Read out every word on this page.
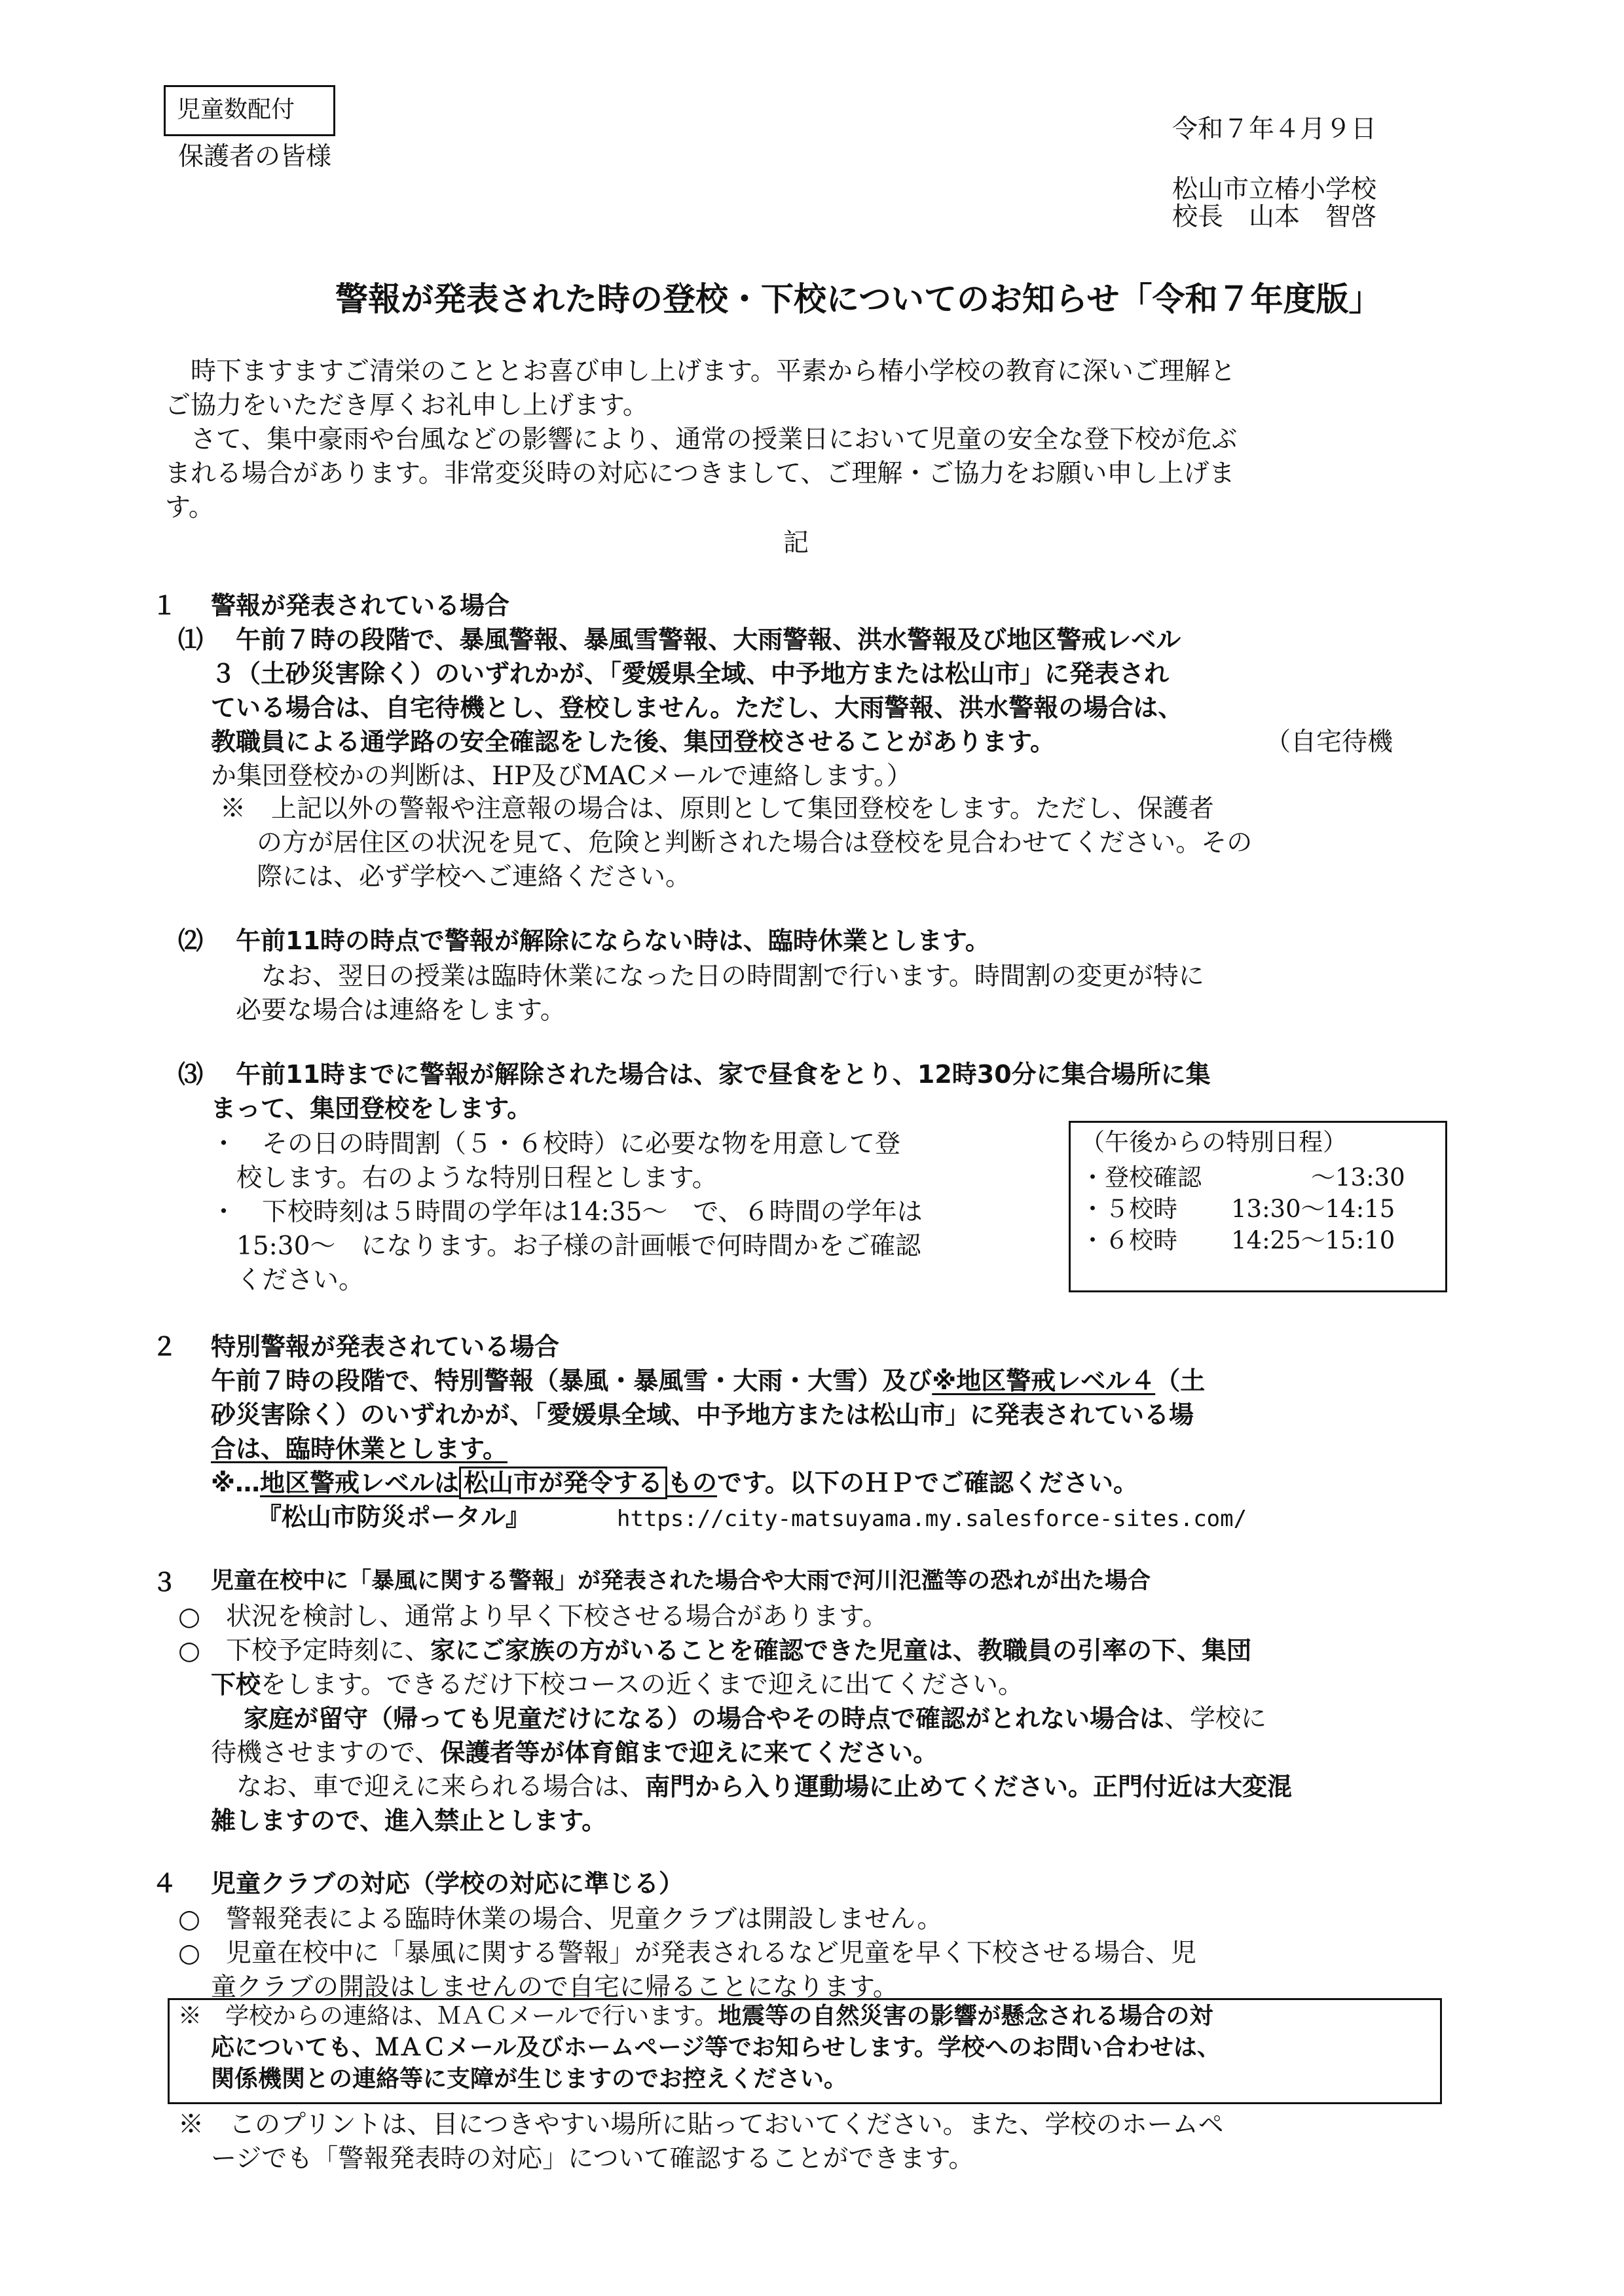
児童数配付
保護者の皆様
令和７年４月９日
松山市立椿小学校
校長　山本　智啓
警報が発表された時の登校・下校についてのお知らせ「令和７年度版」
　時下ますますご清栄のこととお喜び申し上げます。平素から椿小学校の教育に深いご理解と
ご協力をいただき厚くお礼申し上げます。
　さて、集中豪雨や台風などの影響により、通常の授業日において児童の安全な登下校が危ぶ
まれる場合があります。非常変災時の対応につきまして、ご理解・ご協力をお願い申し上げま
す。
記
１ 警報が発表されている場合
⑴ 午前７時の段階で、暴風警報、暴風雪警報、大雨警報、洪水警報及び地区警戒レベル
３（土砂災害除く）のいずれかが、「愛媛県全域、中予地方または松山市」に発表され
ている場合は、自宅待機とし、登校しません。ただし、大雨警報、洪水警報の場合は、
教職員による通学路の安全確認をした後、集団登校させることがあります。	（自宅待機
か集団登校かの判断は、HP及びMACメールで連絡します。）
※　上記以外の警報や注意報の場合は、原則として集団登校をします。ただし、保護者
の方が居住区の状況を見て、危険と判断された場合は登校を見合わせてください。その
際には、必ず学校へご連絡ください。
⑵ 午前11時の時点で警報が解除にならない時は、臨時休業とします。
　なお、翌日の授業は臨時休業になった日の時間割で行います。時間割の変更が特に
必要な場合は連絡をします。
⑶ 午前11時までに警報が解除された場合は、家で昼食をとり、12時30分に集合場所に集
まって、集団登校をします。
・　その日の時間割（５・６校時）に必要な物を用意して登
　校します。右のような特別日程とします。
・　下校時刻は５時間の学年は14:35～　で、６時間の学年は
　15:30～　になります。お子様の計画帳で何時間かをご確認
　ください。
（午後からの特別日程）
・登校確認	～13:30
・５校時 13:30～14:15
・６校時 14:25～15:10
２ 特別警報が発表されている場合
午前７時の段階で、特別警報（暴風・暴風雪・大雨・大雪）及び※地区警戒レベル４（土
砂災害除く）のいずれかが、「愛媛県全域、中予地方または松山市」に発表されている場
合は、臨時休業とします。
※…地区警戒レベルは 松山市が発令する ものです。以下のＨＰでご確認ください。
『松山市防災ポータル』	https://city-matsuyama.my.salesforce-sites.com/
３ 児童在校中に「暴風に関する警報」が発表された場合や大雨で河川氾濫等の恐れが出た場合
○　状況を検討し、通常より早く下校させる場合があります。
○　下校予定時刻に、家にご家族の方がいることを確認できた児童は、教職員の引率の下、集団
下校をします。できるだけ下校コースの近くまで迎えに出てください。
家庭が留守（帰っても児童だけになる）の場合やその時点で確認がとれない場合は、学校に
待機させますので、保護者等が体育館まで迎えに来てください。
　なお、車で迎えに来られる場合は、南門から入り運動場に止めてください。正門付近は大変混
雑しますので、進入禁止とします。
４ 児童クラブの対応（学校の対応に準じる）
○　警報発表による臨時休業の場合、児童クラブは開設しません。
○　児童在校中に「暴風に関する警報」が発表されるなど児童を早く下校させる場合、児
童クラブの開設はしませんので自宅に帰ることになります。
※　学校からの連絡は、ＭＡＣメールで行います。地震等の自然災害の影響が懸念される場合の対
応についても、ＭＡＣメール及びホームページ等でお知らせします。学校へのお問い合わせは、
関係機関との連絡等に支障が生じますのでお控えください。
※　このプリントは、目につきやすい場所に貼っておいてください。また、学校のホームペ
ージでも「警報発表時の対応」について確認することができます。
